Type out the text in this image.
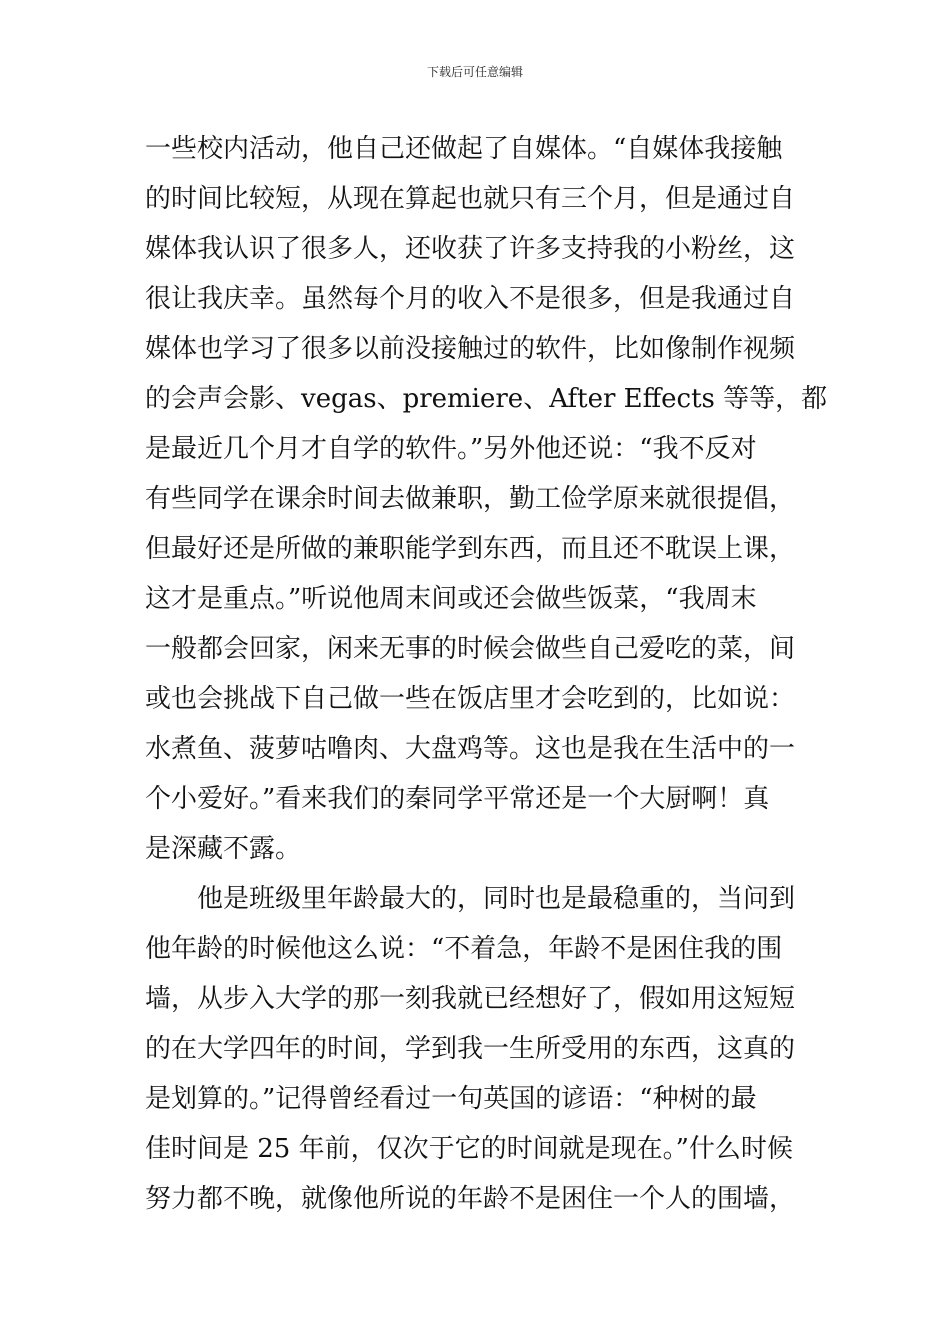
下载后可任意编辑
一些校内活动，他自己还做起了自媒体。“自媒体我接触
的时间比较短，从现在算起也就只有三个月，但是通过自
媒体我认识了很多人，还收获了许多支持我的小粉丝，这
很让我庆幸。虽然每个月的收入不是很多，但是我通过自
媒体也学习了很多以前没接触过的软件，比如像制作视频
的会声会影、vegas、premiere、After Effects 等等，都
是最近几个月才自学的软件。”另外他还说：“我不反对
有些同学在课余时间去做兼职，勤工俭学原来就很提倡，
但最好还是所做的兼职能学到东西，而且还不耽误上课，
这才是重点。”听说他周末间或还会做些饭菜，“我周末
一般都会回家，闲来无事的时候会做些自己爱吃的菜，间
或也会挑战下自己做一些在饭店里才会吃到的，比如说：
水煮鱼、菠萝咕噜肉、大盘鸡等。这也是我在生活中的一
个小爱好。”看来我们的秦同学平常还是一个大厨啊！真
是深藏不露。
他是班级里年龄最大的，同时也是最稳重的，当问到
他年龄的时候他这么说：“不着急，年龄不是困住我的围
墙，从步入大学的那一刻我就已经想好了，假如用这短短
的在大学四年的时间，学到我一生所受用的东西，这真的
是划算的。”记得曾经看过一句英国的谚语：“种树的最
佳时间是 25 年前，仅次于它的时间就是现在。”什么时候
努力都不晚，就像他所说的年龄不是困住一个人的围墙，
